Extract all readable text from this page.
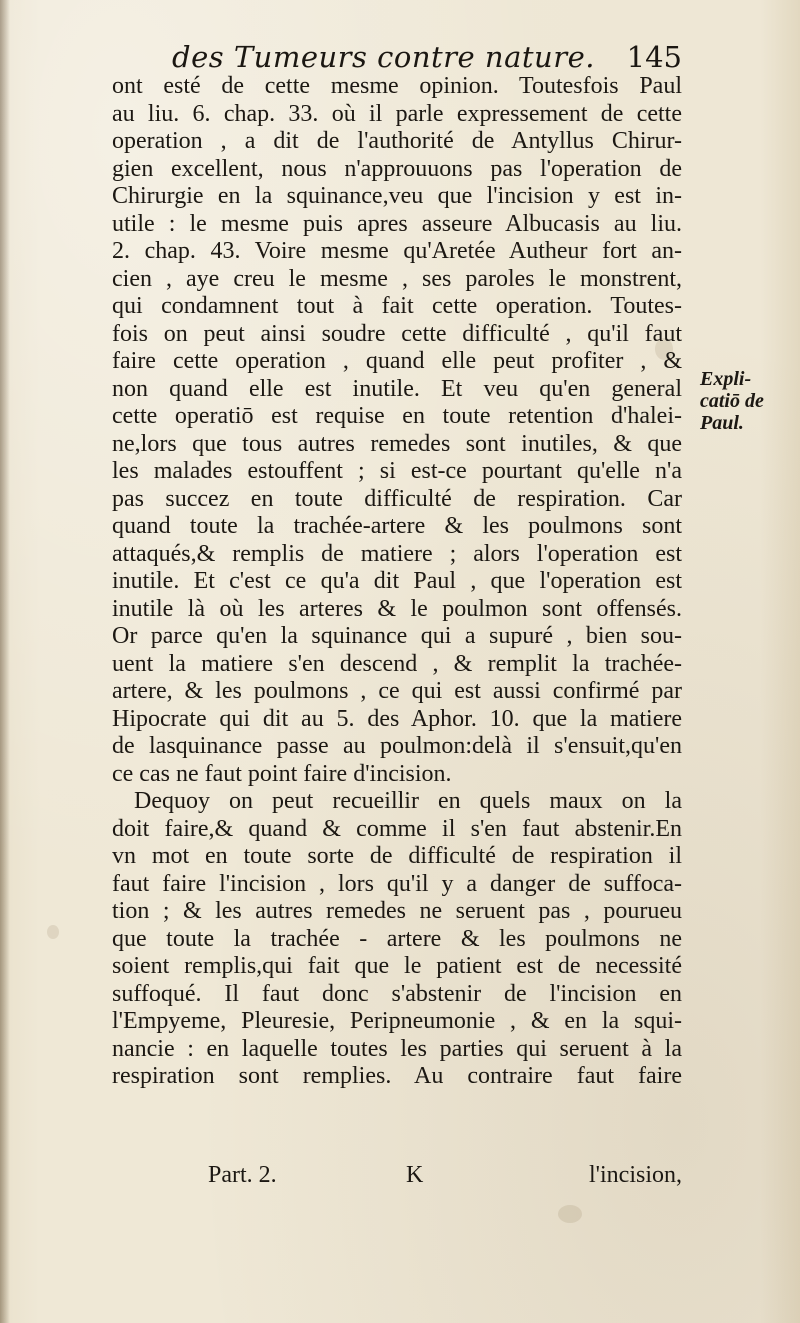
des Tumeurs contre nature. 145
ont esté de cette mesme opinion. Toutesfois Paul
au liu. 6. chap. 33. où il parle expressement de cette
operation , a dit de l'authorité de Antyllus Chirur-
gien excellent, nous n'approuuons pas l'operation de
Chirurgie en la squinance,veu que l'incision y est in-
utile : le mesme puis apres asseure Albucasis au liu.
2. chap. 43. Voire mesme qu'Aretée Autheur fort an-
cien , aye creu le mesme , ses paroles le monstrent,
qui condamnent tout à fait cette operation. Toutes-
fois on peut ainsi soudre cette difficulté , qu'il faut
faire cette operation , quand elle peut profiter , &
non quand elle est inutile. Et veu qu'en general
cette operatiō est requise en toute retention d'halei-
ne,lors que tous autres remedes sont inutiles, & que
les malades estouffent ; si est-ce pourtant qu'elle n'a
pas succez en toute difficulté de respiration. Car
quand toute la trachée-artere & les poulmons sont
attaqués,& remplis de matiere ; alors l'operation est
inutile. Et c'est ce qu'a dit Paul , que l'operation est
inutile là où les arteres & le poulmon sont offensés.
Or parce qu'en la squinance qui a supuré , bien sou-
uent la matiere s'en descend , & remplit la trachée-
artere, & les poulmons , ce qui est aussi confirmé par
Hipocrate qui dit au 5. des Aphor. 10. que la matiere
de lasquinance passe au poulmon:delà il s'ensuit,qu'en
ce cas ne faut point faire d'incision.
Dequoy on peut recueillir en quels maux on la
doit faire,& quand & comme il s'en faut abstenir.En
vn mot en toute sorte de difficulté de respiration il
faut faire l'incision , lors qu'il y a danger de suffoca-
tion ; & les autres remedes ne seruent pas , pourueu
que toute la trachée - artere & les poulmons ne
soient remplis,qui fait que le patient est de necessité
suffoqué. Il faut donc s'abstenir de l'incision en
l'Empyeme, Pleuresie, Peripneumonie , & en la squi-
nancie : en laquelle toutes les parties qui seruent à la
respiration sont remplies. Au contraire faut faire
Expli-
catiō de
Paul.
Part. 2.	K	l'incision,
